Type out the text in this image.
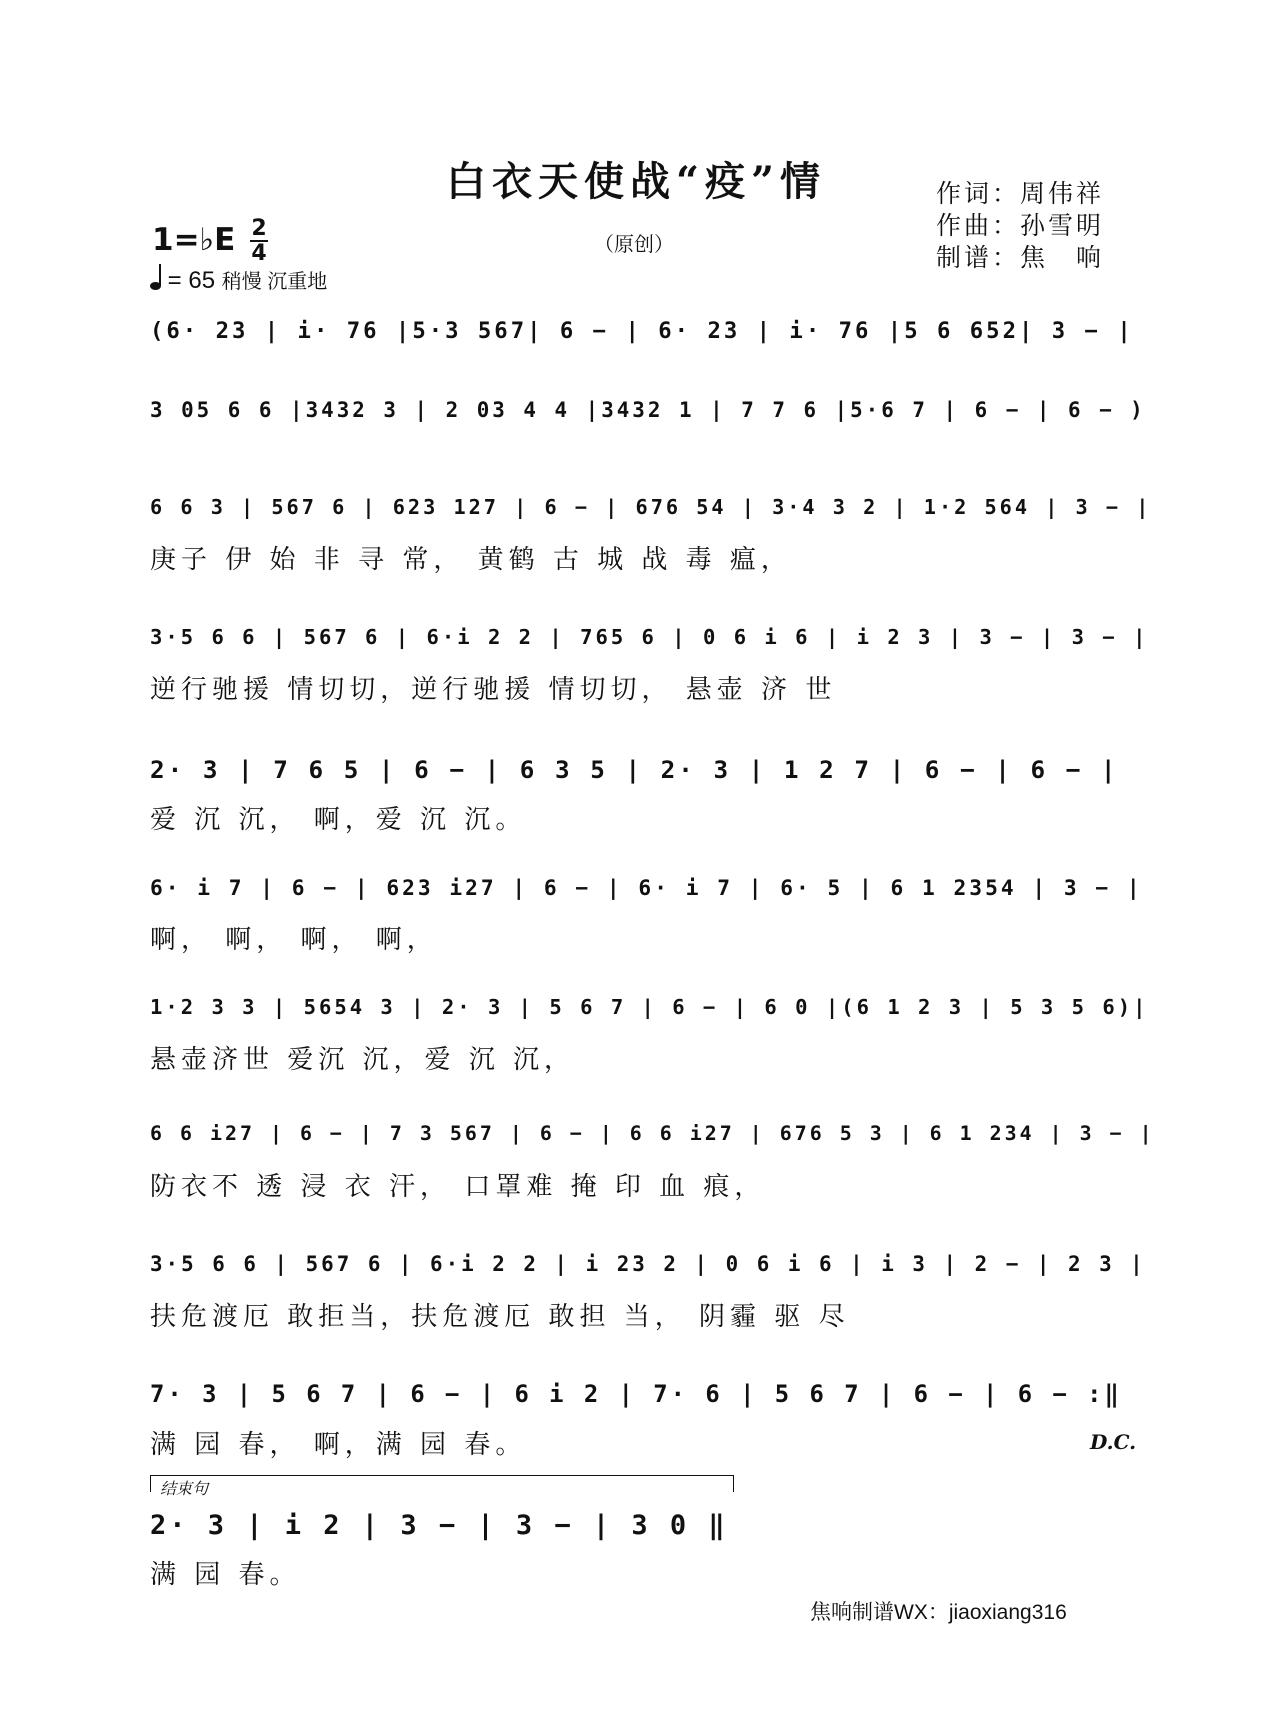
白衣天使战“疫”情
（原创）
作词：周伟祥
作曲：孙雪明
制谱：焦　响
1=♭E 2
4
= 65 稍慢 沉重地
(6· 23 | i· 76 |5·3 567| 6 − | 6· 23 | i· 76 |5 6 652| 3 − |
3 05 6 6 |3432 3 | 2 03 4 4 |3432 1 | 7 7 6 |5·6 7 | 6 − | 6 − )
6 6 3 | 567 6 | 623 127 | 6 − | 676 54 | 3·4 3 2 | 1·2 564 | 3 − |
庚子 伊 始 非 寻 常， 黄鹤 古 城 战 毒 瘟，
3·5 6 6 | 567 6 | 6·i 2 2 | 765 6 | 0 6 i 6 | i 2 3 | 3 − | 3 − |
逆行驰援 情切切，逆行驰援 情切切， 悬壶 济 世
2· 3 | 7 6 5 | 6 − | 6 3 5 | 2· 3 | 1 2 7 | 6 − | 6 − |
爱 沉 沉， 啊，爱 沉 沉。
6· i 7 | 6 − | 623 i27 | 6 − | 6· i 7 | 6· 5 | 6 1 2354 | 3 − |
啊， 啊， 啊， 啊，
1·2 3 3 | 5654 3 | 2· 3 | 5 6 7 | 6 − | 6 0 |(6 1 2 3 | 5 3 5 6)|
悬壶济世 爱沉 沉，爱 沉 沉，
6 6 i27 | 6 − | 7 3 567 | 6 − | 6 6 i27 | 676 5 3 | 6 1 234 | 3 − |
防衣不 透 浸 衣 汗， 口罩难 掩 印 血 痕，
3·5 6 6 | 567 6 | 6·i 2 2 | i 23 2 | 0 6 i 6 | i 3 | 2 − | 2 3 |
扶危渡厄 敢拒当，扶危渡厄 敢担 当， 阴霾 驱 尽
7· 3 | 5 6 7 | 6 − | 6 i 2 | 7· 6 | 5 6 7 | 6 − | 6 − :‖
满 园 春， 啊，满 园 春。	D.C.
结束句
2· 3 | i 2 | 3 − | 3 − | 3 0 ‖
满 园 春。
焦响制谱WX：jiaoxiang316
